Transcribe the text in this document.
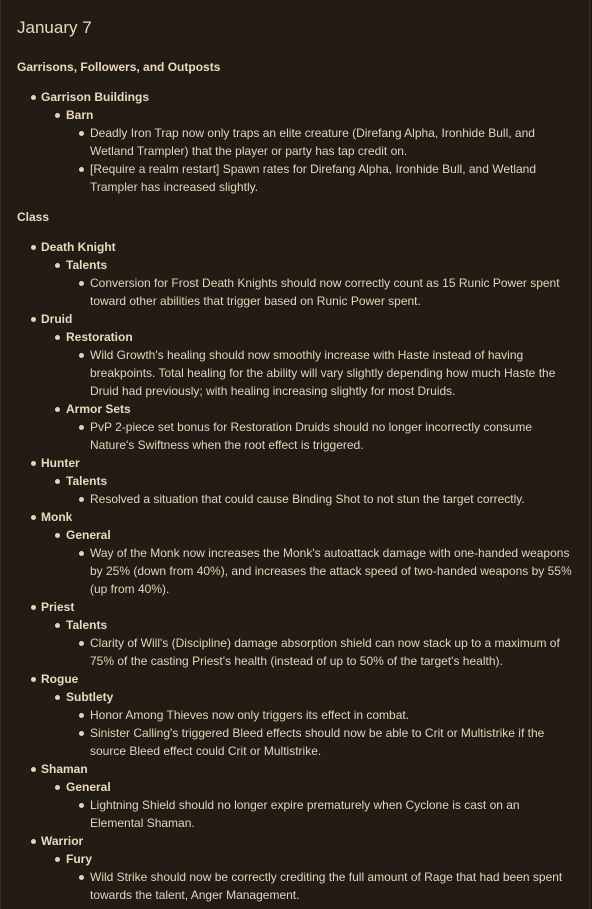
January 7
Garrisons, Followers, and Outposts
Garrison Buildings
Barn
Deadly Iron Trap now only traps an elite creature (Direfang Alpha, Ironhide Bull, and Wetland Trampler) that the player or party has tap credit on.
[Require a realm restart] Spawn rates for Direfang Alpha, Ironhide Bull, and Wetland Trampler has increased slightly.
Class
Death Knight
Talents
Conversion for Frost Death Knights should now correctly count as 15 Runic Power spent toward other abilities that trigger based on Runic Power spent.
Druid
Restoration
Wild Growth's healing should now smoothly increase with Haste instead of having breakpoints. Total healing for the ability will vary slightly depending how much Haste the Druid had previously; with healing increasing slightly for most Druids.
Armor Sets
PvP 2-piece set bonus for Restoration Druids should no longer incorrectly consume Nature's Swiftness when the root effect is triggered.
Hunter
Talents
Resolved a situation that could cause Binding Shot to not stun the target correctly.
Monk
General
Way of the Monk now increases the Monk's autoattack damage with one-handed weapons by 25% (down from 40%), and increases the attack speed of two-handed weapons by 55% (up from 40%).
Priest
Talents
Clarity of Will's (Discipline) damage absorption shield can now stack up to a maximum of 75% of the casting Priest's health (instead of up to 50% of the target's health).
Rogue
Subtlety
Honor Among Thieves now only triggers its effect in combat.
Sinister Calling's triggered Bleed effects should now be able to Crit or Multistrike if the source Bleed effect could Crit or Multistrike.
Shaman
General
Lightning Shield should no longer expire prematurely when Cyclone is cast on an Elemental Shaman.
Warrior
Fury
Wild Strike should now be correctly crediting the full amount of Rage that had been spent towards the talent, Anger Management.
